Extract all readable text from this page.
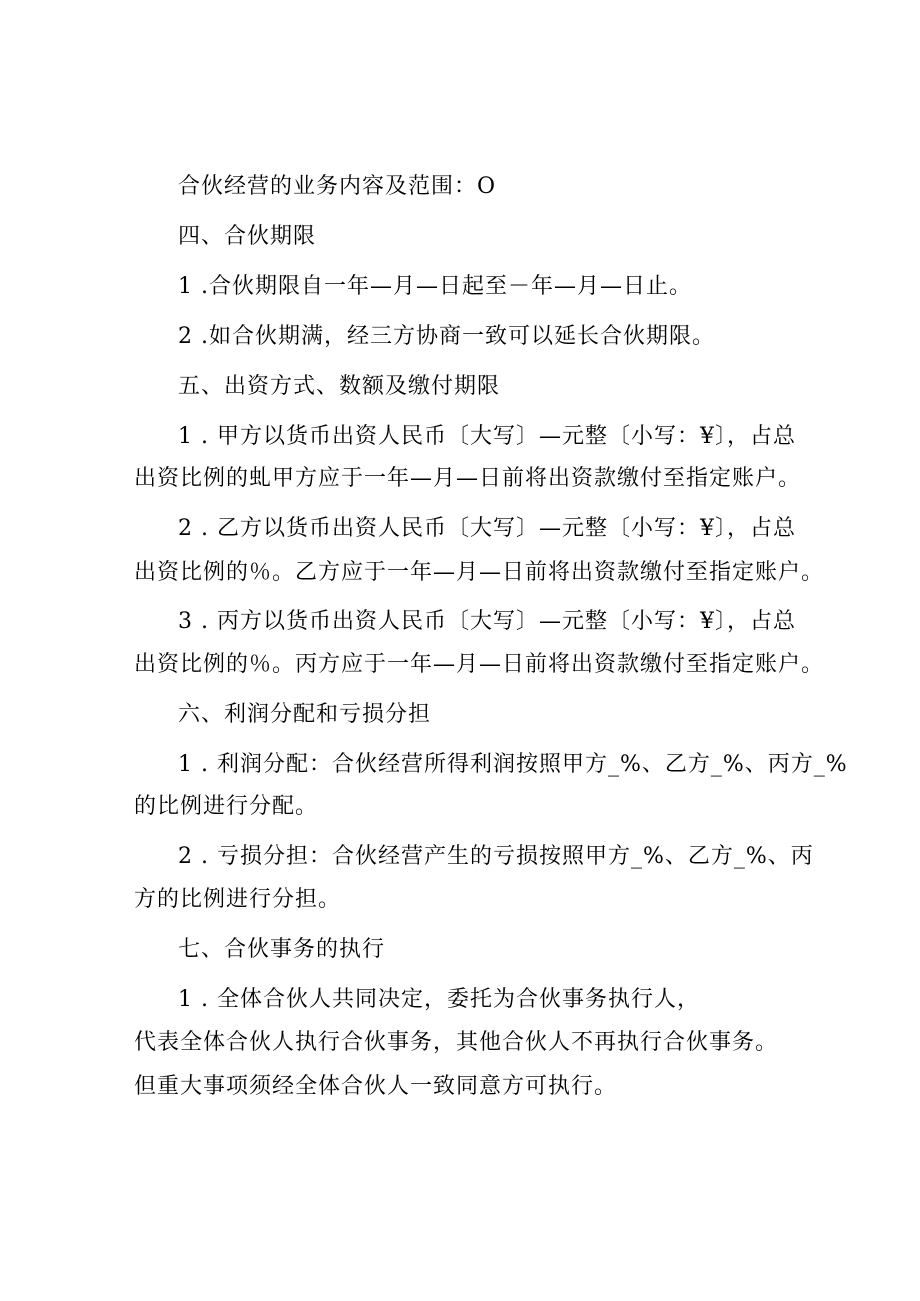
合伙经营的业务内容及范围：O
四、合伙期限
1 .合伙期限自一年—月—日起至－年—月—日止。
2 .如合伙期满，经三方协商一致可以延长合伙期限。
五、出资方式、数额及缴付期限
1 . 甲方以货币出资人民币〔大写〕—元整〔小写：¥〕，占总
出资比例的虬甲方应于一年—月—日前将出资款缴付至指定账户。
2 . 乙方以货币出资人民币〔大写〕—元整〔小写：¥〕，占总
出资比例的％。乙方应于一年—月—日前将出资款缴付至指定账户。
3 . 丙方以货币出资人民币〔大写〕—元整〔小写：¥〕，占总
出资比例的％。丙方应于一年—月—日前将出资款缴付至指定账户。
六、利润分配和亏损分担
1 . 利润分配：合伙经营所得利润按照甲方_%、乙方_%、丙方_%
的比例进行分配。
2 . 亏损分担：合伙经营产生的亏损按照甲方_%、乙方_%、丙
方的比例进行分担。
七、合伙事务的执行
1 . 全体合伙人共同决定，委托为合伙事务执行人，
代表全体合伙人执行合伙事务，其他合伙人不再执行合伙事务。
但重大事项须经全体合伙人一致同意方可执行。
